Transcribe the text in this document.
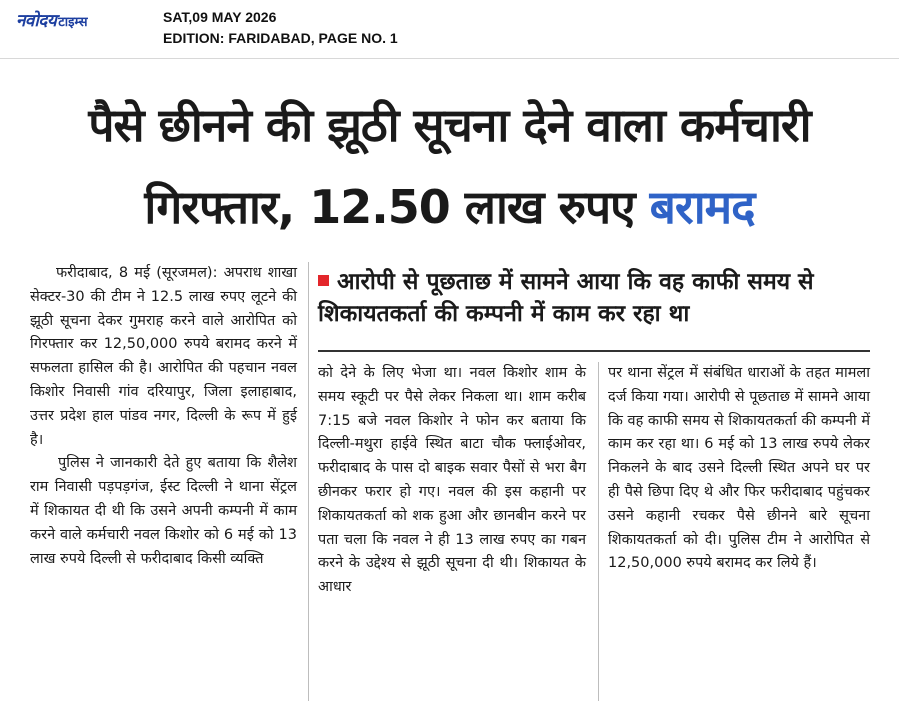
नवोदय टाइम्स	SAT,09 MAY 2026
EDITION: FARIDABAD, PAGE NO. 1
पैसे छीनने की झूठी सूचना देने वाला कर्मचारी
गिरफ्तार, 12.50 लाख रुपए बरामद

फरीदाबाद, 8 मई (सूरजमल): अपराध शाखा सेक्टर-30 की टीम ने 12.5 लाख रुपए लूटने की झूठी सूचना देकर गुमराह करने वाले आरोपित को गिरफ्तार कर 12,50,000 रुपये बरामद करने में सफलता हासिल की है। आरोपित की पहचान नवल किशोर निवासी गांव दरियापुर, जिला इलाहाबाद, उत्तर प्रदेश हाल पांडव नगर, दिल्ली के रूप में हुई है।

पुलिस ने जानकारी देते हुए बताया कि शैलेश राम निवासी पड़पड़गंज, ईस्ट दिल्ली ने थाना सेंट्रल में शिकायत दी थी कि उसने अपनी कम्पनी में काम करने वाले कर्मचारी नवल किशोर को 6 मई को 13 लाख रुपये दिल्ली से फरीदाबाद किसी व्यक्ति

आरोपी से पूछताछ में सामने आया कि वह काफी समय से शिकायतकर्ता की कम्पनी में काम कर रहा था

को देने के लिए भेजा था। नवल किशोर शाम के समय स्कूटी पर पैसे लेकर निकला था। शाम करीब 7:15 बजे नवल किशोर ने फोन कर बताया कि दिल्ली-मथुरा हाईवे स्थित बाटा चौक फ्लाईओवर, फरीदाबाद के पास दो बाइक सवार पैसों से भरा बैग छीनकर फरार हो गए। नवल की इस कहानी पर शिकायतकर्ता को शक हुआ और छानबीन करने पर पता चला कि नवल ने ही 13 लाख रुपए का गबन करने के उद्देश्य से झूठी सूचना दी थी। शिकायत के आधार

पर थाना सेंट्रल में संबंधित धाराओं के तहत मामला दर्ज किया गया। आरोपी से पूछताछ में सामने आया कि वह काफी समय से शिकायतकर्ता की कम्पनी में काम कर रहा था। 6 मई को 13 लाख रुपये लेकर निकलने के बाद उसने दिल्ली स्थित अपने घर पर ही पैसे छिपा दिए थे और फिर फरीदाबाद पहुंचकर उसने कहानी रचकर पैसे छीनने बारे सूचना शिकायतकर्ता को दी। पुलिस टीम ने आरोपित से 12,50,000 रुपये बरामद कर लिये हैं।
